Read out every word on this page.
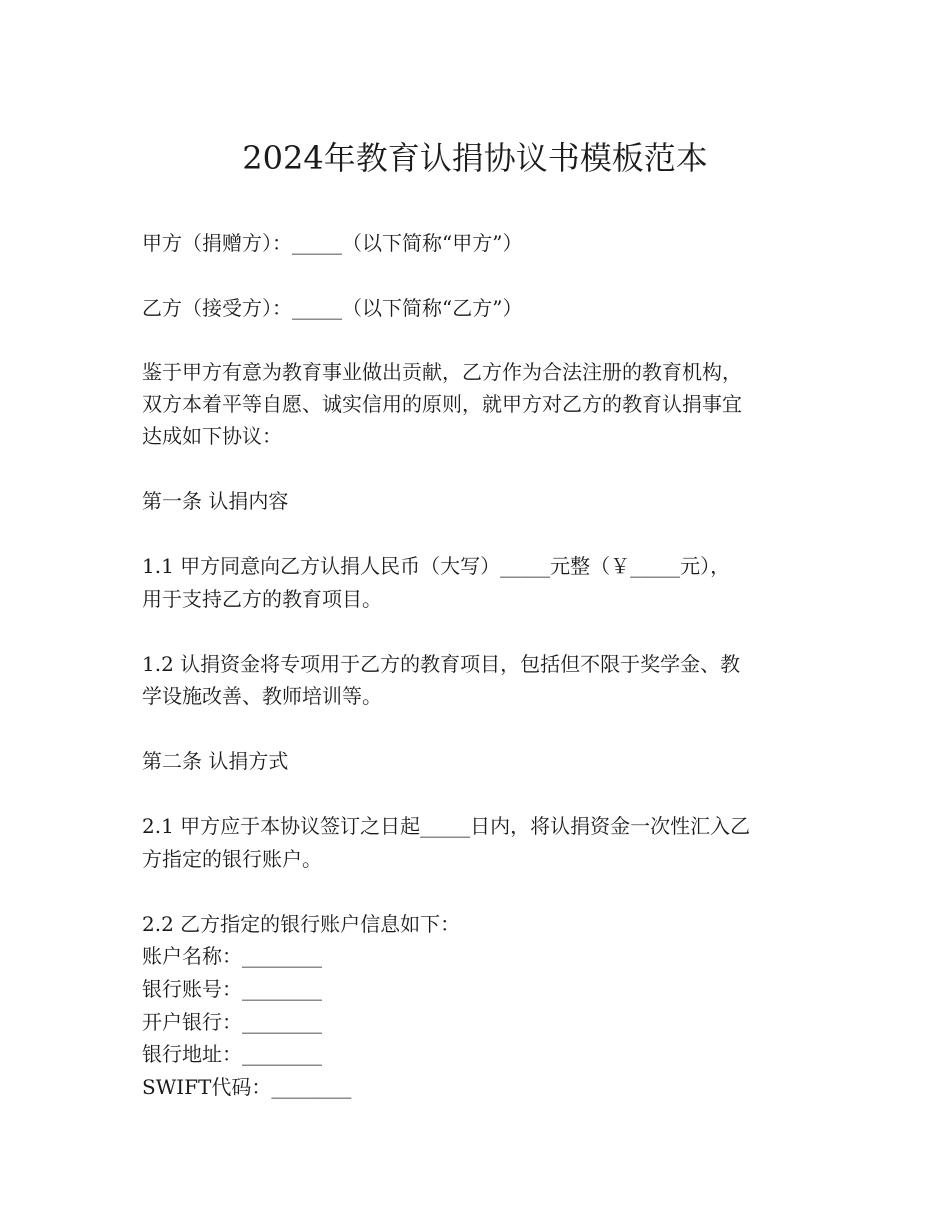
2024年教育认捐协议书模板范本
甲方（捐赠方）：_____（以下简称“甲方”）
乙方（接受方）：_____（以下简称“乙方”）
鉴于甲方有意为教育事业做出贡献，乙方作为合法注册的教育机构，
双方本着平等自愿、诚实信用的原则，就甲方对乙方的教育认捐事宜
达成如下协议：
第一条 认捐内容
1.1 甲方同意向乙方认捐人民币（大写）_____元整（￥_____元），
用于支持乙方的教育项目。
1.2 认捐资金将专项用于乙方的教育项目，包括但不限于奖学金、教
学设施改善、教师培训等。
第二条 认捐方式
2.1 甲方应于本协议签订之日起_____日内，将认捐资金一次性汇入乙
方指定的银行账户。
2.2 乙方指定的银行账户信息如下：
账户名称：________
银行账号：________
开户银行：________
银行地址：________
SWIFT代码：________
